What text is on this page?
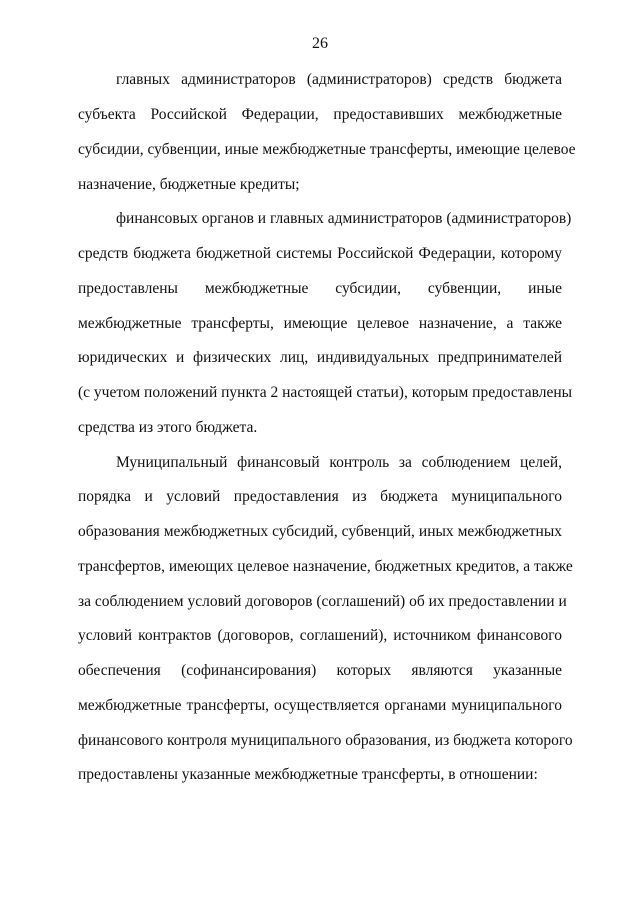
26
главных администраторов (администраторов) средств бюджета
субъекта Российской Федерации, предоставивших межбюджетные
субсидии, субвенции, иные межбюджетные трансферты, имеющие целевое
назначение, бюджетные кредиты;
финансовых органов и главных администраторов (администраторов)
средств бюджета бюджетной системы Российской Федерации, которому
предоставлены межбюджетные субсидии, субвенции, иные
межбюджетные трансферты, имеющие целевое назначение, а также
юридических и физических лиц, индивидуальных предпринимателей
(с учетом положений пункта 2 настоящей статьи), которым предоставлены
средства из этого бюджета.
Муниципальный финансовый контроль за соблюдением целей,
порядка и условий предоставления из бюджета муниципального
образования межбюджетных субсидий, субвенций, иных межбюджетных
трансфертов, имеющих целевое назначение, бюджетных кредитов, а также
за соблюдением условий договоров (соглашений) об их предоставлении и
условий контрактов (договоров, соглашений), источником финансового
обеспечения (софинансирования) которых являются указанные
межбюджетные трансферты, осуществляется органами муниципального
финансового контроля муниципального образования, из бюджета которого
предоставлены указанные межбюджетные трансферты, в отношении:
